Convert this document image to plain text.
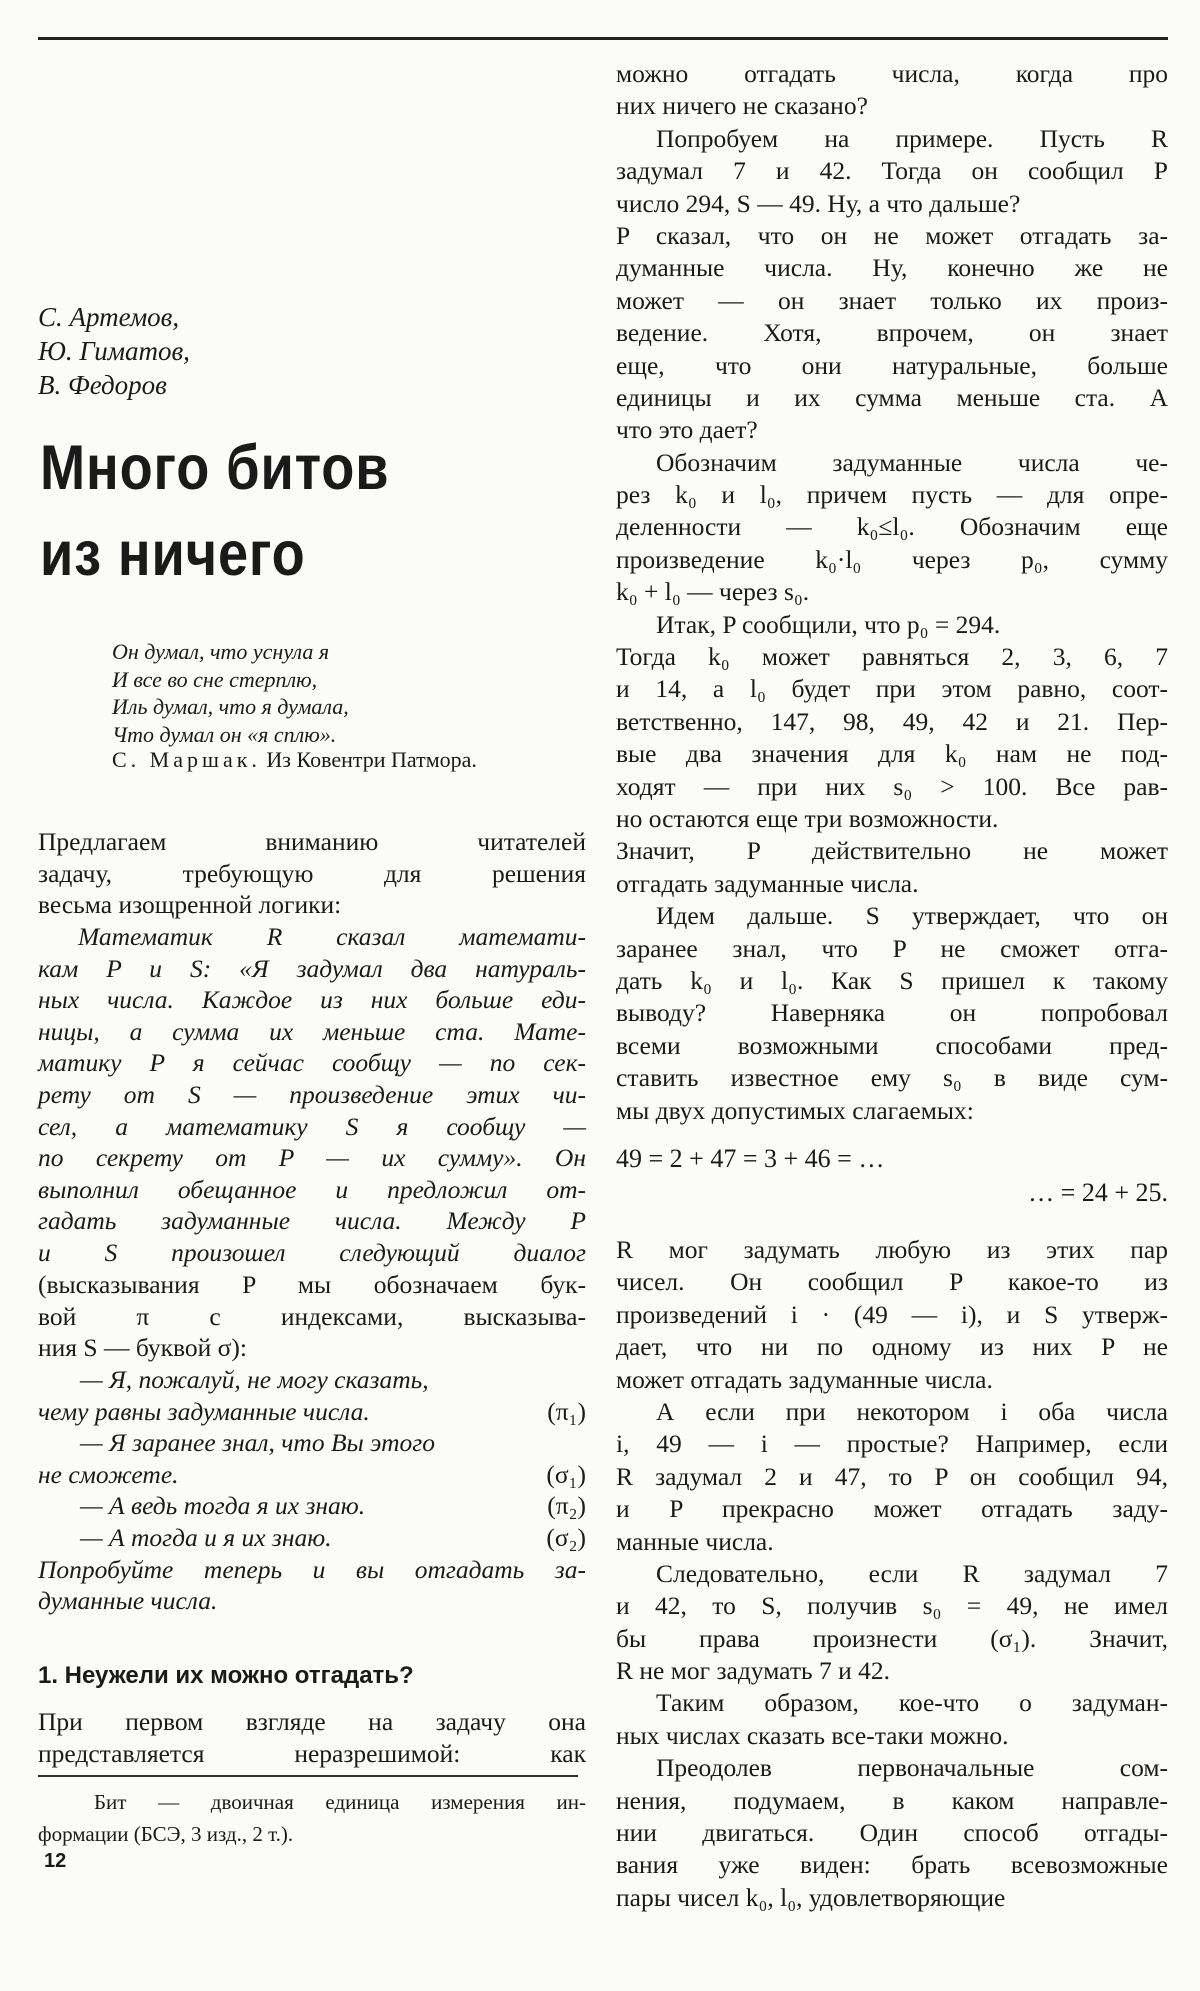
С. Артемов,
Ю. Гиматов,
В. Федоров
Много битов
из ничего
Он думал, что уснула я
И все во сне стерплю,
Иль думал, что я думала,
Что думал он «я сплю».
С. Маршак. Из Ковентри Патмора.
Предлагаем вниманию читателей
задачу, требующую для решения
весьма изощренной логики:
Математик R сказал математи-
кам P и S: «Я задумал два натураль-
ных числа. Каждое из них больше еди-
ницы, а сумма их меньше ста. Мате-
матику P я сейчас сообщу — по сек-
рету от S — произведение этих чи-
сел, а математику S я сообщу —
по секрету от P — их сумму». Он
выполнил обещанное и предложил от-
гадать задуманные числа. Между P
и S произошел следующий диалог
(высказывания P мы обозначаем бук-
вой π с индексами, высказыва-
ния S — буквой σ):
— Я, пожалуй, не могу сказать,
чему равны задуманные числа.	(π₁)
— Я заранее знал, что Вы этого
не сможете.	(σ₁)
— А ведь тогда я их знаю.	(π₂)
— А тогда и я их знаю.	(σ₂)
Попробуйте теперь и вы отгадать за-
думанные числа.
1. Неужели их можно отгадать?
При первом взгляде на задачу она
представляется неразрешимой: как
Бит — двоичная единица измерения ин-
формации (БСЭ, 3 изд., 2 т.).
12
можно отгадать числа, когда про
них ничего не сказано?
Попробуем на примере. Пусть R
задумал 7 и 42. Тогда он сообщил P
число 294, S — 49. Ну, а что дальше?
P сказал, что он не может отгадать за-
думанные числа. Ну, конечно же не
может — он знает только их произ-
ведение. Хотя, впрочем, он знает
еще, что они натуральные, больше
единицы и их сумма меньше ста. А
что это дает?
Обозначим задуманные числа че-
рез k₀ и l₀, причем пусть — для опре-
деленности — k₀≤l₀. Обозначим еще
произведение k₀·l₀ через p₀, сумму
k₀ + l₀ — через s₀.
Итак, P сообщили, что p₀ = 294.
Тогда k₀ может равняться 2, 3, 6, 7
и 14, а l₀ будет при этом равно, соот-
ветственно, 147, 98, 49, 42 и 21. Пер-
вые два значения для k₀ нам не под-
ходят — при них s₀ > 100. Все рав-
но остаются еще три возможности.
Значит, P действительно не может
отгадать задуманные числа.
Идем дальше. S утверждает, что он
заранее знал, что P не сможет отга-
дать k₀ и l₀. Как S пришел к такому
выводу? Наверняка он попробовал
всеми возможными способами пред-
ставить известное ему s₀ в виде сум-
мы двух допустимых слагаемых:
49 = 2 + 47 = 3 + 46 = …
… = 24 + 25.
R мог задумать любую из этих пар
чисел. Он сообщил P какое-то из
произведений i · (49 — i), и S утверж-
дает, что ни по одному из них P не
может отгадать задуманные числа.
А если при некотором i оба числа
i, 49 — i — простые? Например, если
R задумал 2 и 47, то P он сообщил 94,
и P прекрасно может отгадать заду-
манные числа.
Следовательно, если R задумал 7
и 42, то S, получив s₀ = 49, не имел
бы права произнести (σ₁). Значит,
R не мог задумать 7 и 42.
Таким образом, кое-что о задуман-
ных числах сказать все-таки можно.
Преодолев первоначальные сом-
нения, подумаем, в каком направле-
нии двигаться. Один способ отгады-
вания уже виден: брать всевозможные
пары чисел k₀, l₀, удовлетворяющие
